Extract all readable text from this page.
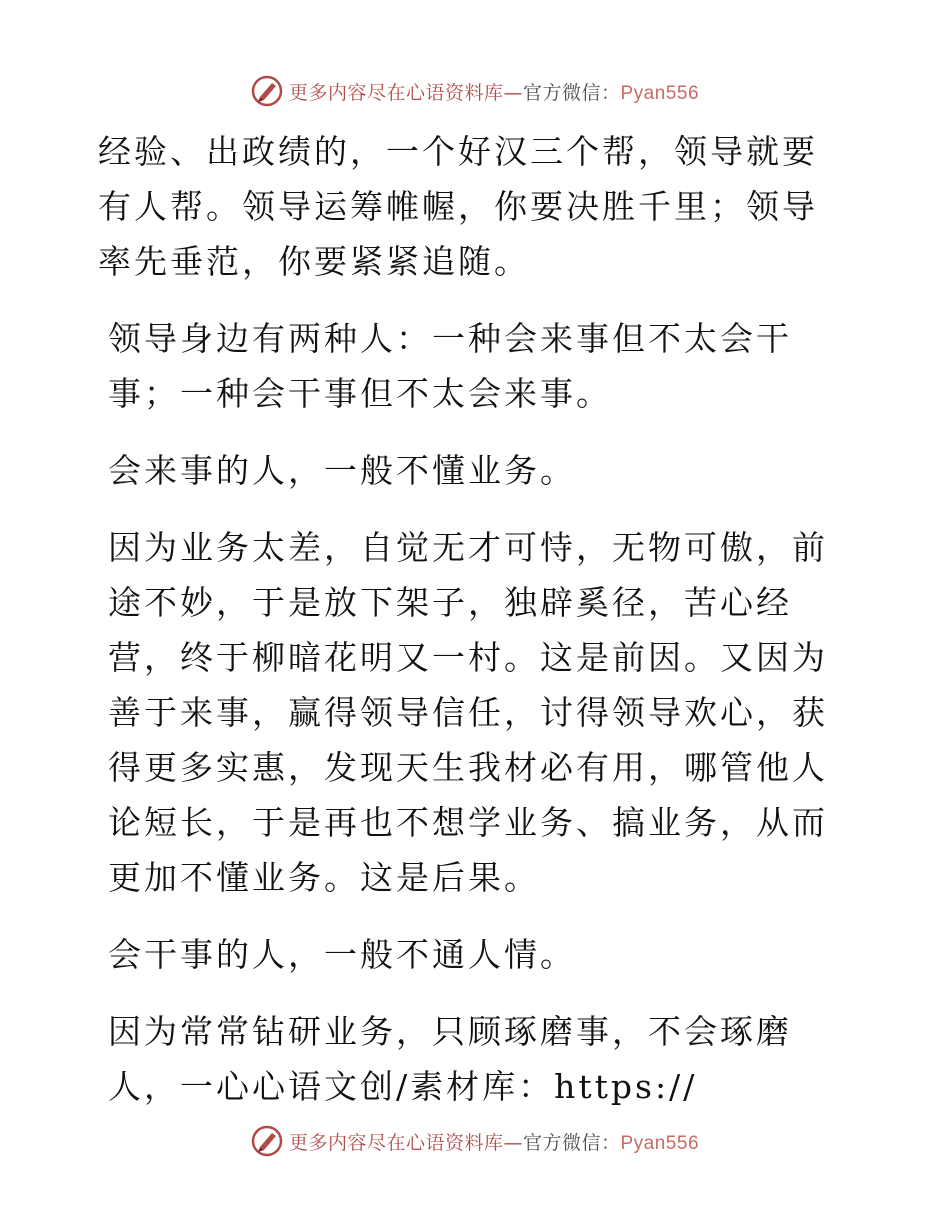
更多内容尽在心语资料库—官方微信：Pyan556

经验、出政绩的，一个好汉三个帮，领导就要有人帮。领导运筹帷幄，你要决胜千里；领导率先垂范，你要紧紧追随。

领导身边有两种人：一种会来事但不太会干事；一种会干事但不太会来事。

会来事的人，一般不懂业务。

因为业务太差，自觉无才可恃，无物可傲，前途不妙，于是放下架子，独辟奚径，苦心经营，终于柳暗花明又一村。这是前因。又因为善于来事，赢得领导信任，讨得领导欢心，获得更多实惠，发现天生我材必有用，哪管他人论短长，于是再也不想学业务、搞业务，从而更加不懂业务。这是后果。

会干事的人，一般不通人情。

因为常常钻研业务，只顾琢磨事，不会琢磨人，一心心语文创/素材库：https://

更多内容尽在心语资料库—官方微信：Pyan556
